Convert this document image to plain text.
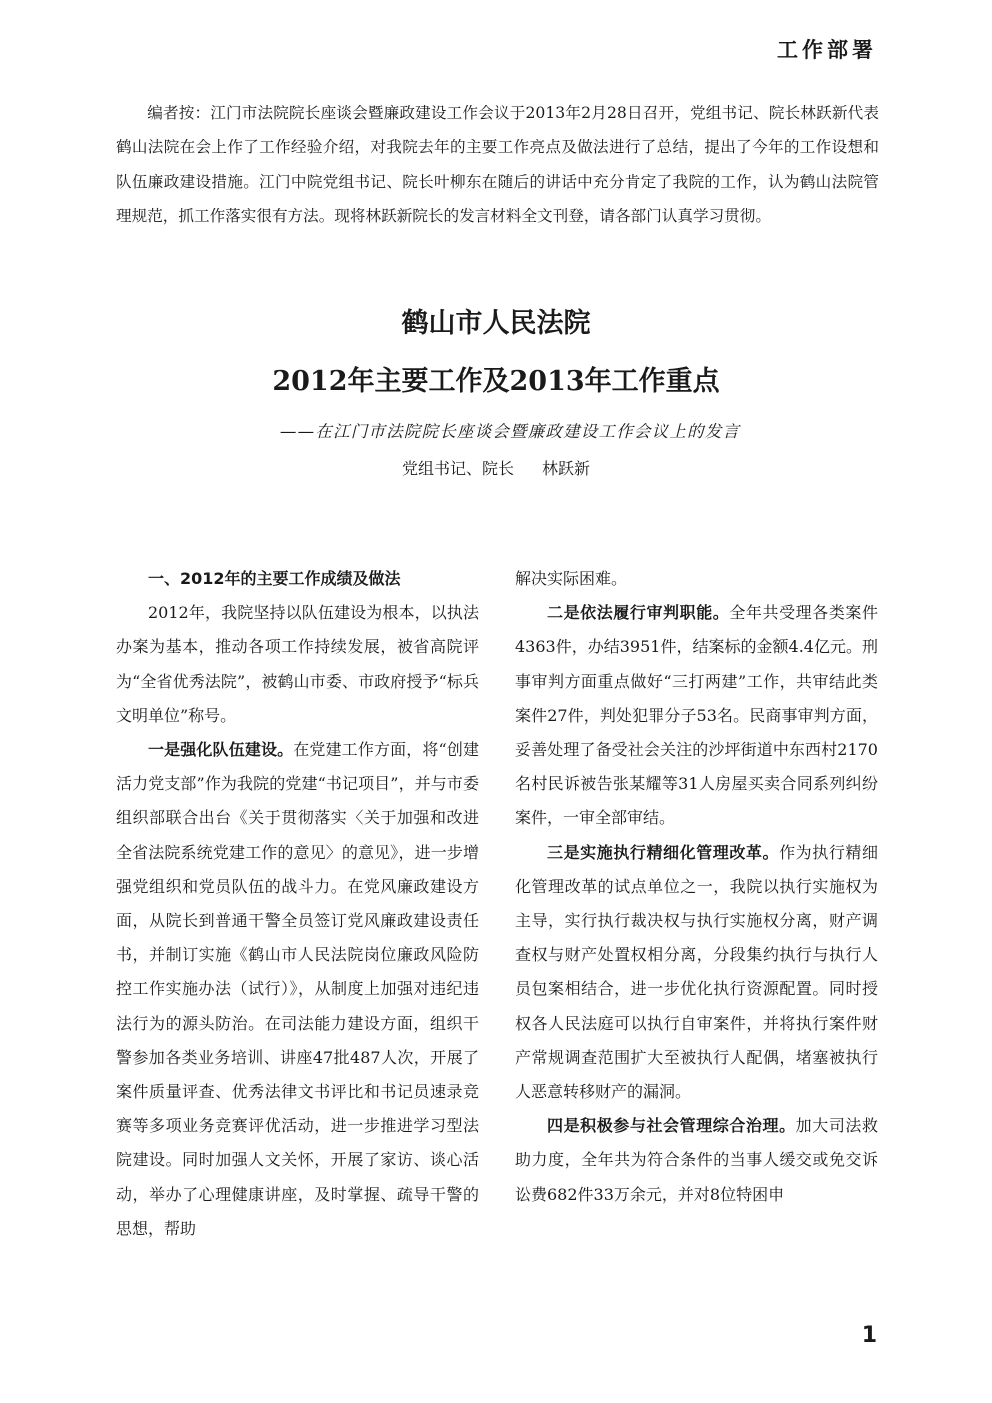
工作部署

编者按：江门市法院院长座谈会暨廉政建设工作会议于2013年2月28日召开，党组书记、院长林跃新代表鹤山法院在会上作了工作经验介绍，对我院去年的主要工作亮点及做法进行了总结，提出了今年的工作设想和队伍廉政建设措施。江门中院党组书记、院长叶柳东在随后的讲话中充分肯定了我院的工作，认为鹤山法院管理规范，抓工作落实很有方法。现将林跃新院长的发言材料全文刊登，请各部门认真学习贯彻。

鹤山市人民法院
2012年主要工作及2013年工作重点

——在江门市法院院长座谈会暨廉政建设工作会议上的发言

党组书记、院长 林跃新

一、2012年的主要工作成绩及做法

2012年，我院坚持以队伍建设为根本，以执法办案为基本，推动各项工作持续发展，被省高院评为“全省优秀法院”，被鹤山市委、市政府授予“标兵文明单位”称号。

一是强化队伍建设。在党建工作方面，将“创建活力党支部”作为我院的党建“书记项目”，并与市委组织部联合出台《关于贯彻落实〈关于加强和改进全省法院系统党建工作的意见〉的意见》，进一步增强党组织和党员队伍的战斗力。在党风廉政建设方面，从院长到普通干警全员签订党风廉政建设责任书，并制订实施《鹤山市人民法院岗位廉政风险防控工作实施办法（试行）》，从制度上加强对违纪违法行为的源头防治。在司法能力建设方面，组织干警参加各类业务培训、讲座47批487人次，开展了案件质量评查、优秀法律文书评比和书记员速录竞赛等多项业务竞赛评优活动，进一步推进学习型法院建设。同时加强人文关怀，开展了家访、谈心活动，举办了心理健康讲座，及时掌握、疏导干警的思想，帮助

解决实际困难。

二是依法履行审判职能。全年共受理各类案件4363件，办结3951件，结案标的金额4.4亿元。刑事审判方面重点做好“三打两建”工作，共审结此类案件27件，判处犯罪分子53名。民商事审判方面，妥善处理了备受社会关注的沙坪街道中东西村2170名村民诉被告张某耀等31人房屋买卖合同系列纠纷案件，一审全部审结。

三是实施执行精细化管理改革。作为执行精细化管理改革的试点单位之一，我院以执行实施权为主导，实行执行裁决权与执行实施权分离，财产调查权与财产处置权相分离，分段集约执行与执行人员包案相结合，进一步优化执行资源配置。同时授权各人民法庭可以执行自审案件，并将执行案件财产常规调查范围扩大至被执行人配偶，堵塞被执行人恶意转移财产的漏洞。

四是积极参与社会管理综合治理。加大司法救助力度，全年共为符合条件的当事人缓交或免交诉讼费682件33万余元，并对8位特困申

1
